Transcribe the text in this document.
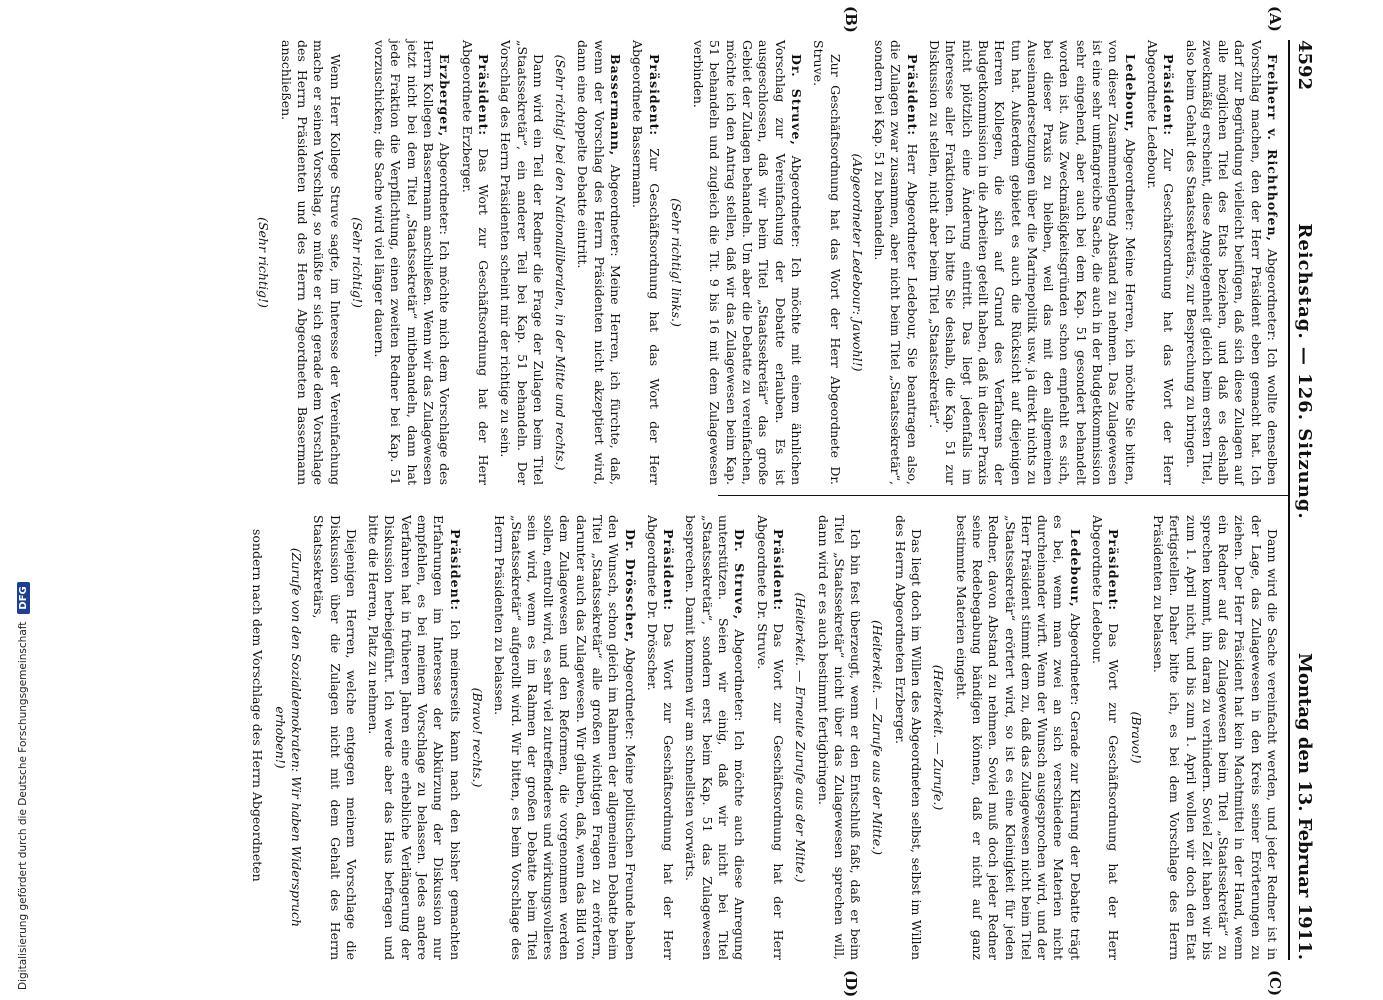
4592
Reichstag. — 126. Sitzung.
Montag den 13. Februar 1911.

Freiherr v. Richthofen, Abgeordneter: Ich wollte denselben Vorschlag machen, den der Herr Präsident eben gemacht hat. Ich darf zur Begründung vielleicht beifügen, daß sich diese Zulagen auf alle möglichen Titel des Etats beziehen, und daß es deshalb zweckmäßig erscheint, diese Angelegenheit gleich beim ersten Titel, also beim Gehalt des Staatssekretärs, zur Besprechung zu bringen.

Präsident: Zur Geschäftsordnung hat das Wort der Herr Abgeordnete Ledebour.

Ledebour, Abgeordneter: Meine Herren, ich möchte Sie bitten, von dieser Zusammenlegung Abstand zu nehmen. Das Zulagewesen ist eine sehr umfangreiche Sache, die auch in der Budgetkommission sehr eingehend, aber auch bei dem Kap. 51 gesondert behandelt worden ist. Aus Zweckmäßigkeitsgründen schon empfiehlt es sich, bei dieser Praxis zu bleiben, weil das mit den allgemeinen Auseinandersetzungen über die Marinepolitik usw. ja direkt nichts zu tun hat. Außerdem gebietet es auch die Rücksicht auf diejenigen Herren Kollegen, die sich auf Grund des Verfahrens der Budgetkommission in die Arbeiten geteilt haben, daß in dieser Praxis nicht plötzlich eine Änderung eintritt. Das liegt jedenfalls im Interesse aller Fraktionen. Ich bitte Sie deshalb, die Kap. 51 zur Diskussion zu stellen, nicht aber beim Titel „Staatssekretär“.

Präsident: Herr Abgeordneter Ledebour, Sie beantragen also, die Zulagen zwar zusammen, aber nicht beim Titel „Staatssekretär“, sondern bei Kap. 51 zu behandeln.

(Abgeordneter Ledebour: Jawohl!)

Zur Geschäftsordnung hat das Wort der Herr Abgeordnete Dr. Struve.

Dr. Struve, Abgeordneter: Ich möchte mit einem ähnlichen Vorschlag zur Vereinfachung der Debatte erlauben. Es ist ausgeschlossen, daß wir beim Titel „Staatssekretär“ das große Gebiet der Zulagen behandeln. Um aber die Debatte zu vereinfachen, möchte ich den Antrag stellen, daß wir das Zulagewesen beim Kap. 51 behandeln und zugleich die Tit. 9 bis 16 mit dem Zulagewesen verbinden.

(Sehr richtig! links.)

Präsident: Zur Geschäftsordnung hat das Wort der Herr Abgeordnete Bassermann.

Bassermann, Abgeordneter: Meine Herren, ich fürchte, daß, wenn der Vorschlag des Herrn Präsidenten nicht akzeptiert wird, dann eine doppelte Debatte eintritt.

(Sehr richtig! bei den Nationalliberalen, in der Mitte und rechts.)

Dann wird ein Teil der Redner die Frage der Zulagen beim Titel „Staatssekretär“, ein anderer Teil bei Kap. 51 behandeln. Der Vorschlag des Herrn Präsidenten scheint mir der richtige zu sein.

Präsident: Das Wort zur Geschäftsordnung hat der Herr Abgeordnete Erzberger.

Erzberger, Abgeordneter: Ich möchte mich dem Vorschlage des Herrn Kollegen Bassermann anschließen. Wenn wir das Zulagewesen jetzt nicht bei dem Titel „Staatssekretär“ mitbehandeln, dann hat jede Fraktion die Verpflichtung, einen zweiten Redner bei Kap. 51 vorzuschicken; die Sache wird viel länger dauern.

(Sehr richtig!)

Wenn Herr Kollege Struve sagte, im Interesse der Vereinfachung mache er seinen Vorschlag, so müßte er sich gerade dem Vorschlage des Herrn Präsidenten und des Herrn Abgeordneten Bassermann anschließen.

(Sehr richtig!)

Dann wird die Sache vereinfacht werden, und jeder Redner ist in der Lage, das Zulagewesen in den Kreis seiner Erörterungen zu ziehen. Der Herr Präsident hat kein Machtmittel in der Hand, wenn ein Redner auf das Zulagewesen beim Titel „Staatssekretär“ zu sprechen kommt, ihn daran zu verhindern. Soviel Zeit haben wir bis zum 1. April nicht, und bis zum 1. April wollen wir doch den Etat fertigstellen. Daher bitte ich, es bei dem Vorschlage des Herrn Präsidenten zu belassen.

(Bravo!)

Präsident: Das Wort zur Geschäftsordnung hat der Herr Abgeordnete Ledebour.

Ledebour, Abgeordneter: Gerade zur Klärung der Debatte trägt es bei, wenn man zwei an sich verschiedene Materien nicht durcheinander wirft. Wenn der Wunsch ausgesprochen wird, und der Herr Präsident stimmt dem zu, daß das Zulagewesen nicht beim Titel „Staatssekretär“ erörtert wird, so ist es eine Kleinigkeit für jeden Redner, davon Abstand zu nehmen. Soviel muß doch jeder Redner seine Redebegabung bändigen können, daß er nicht auf ganz bestimmte Materien eingeht.

(Heiterkeit. — Zurufe.)

Das liegt doch im Willen des Abgeordneten selbst, selbst im Willen des Herrn Abgeordneten Erzberger.

(Heiterkeit. — Zurufe aus der Mitte.)

Ich bin fest überzeugt, wenn er den Entschluß faßt, daß er beim Titel „Staatssekretär“ nicht über das Zulagewesen sprechen will, dann wird er es auch bestimmt fertigbringen.

(Heiterkeit. — Erneute Zurufe aus der Mitte.)

Präsident: Das Wort zur Geschäftsordnung hat der Herr Abgeordnete Dr. Struve.

Dr. Struve, Abgeordneter: Ich möchte auch diese Anregung unterstützen. Seien wir einig, daß wir nicht bei Titel „Staatssekretär“, sondern erst beim Kap. 51 das Zulagewesen besprechen. Damit kommen wir am schnellsten vorwärts.

Präsident: Das Wort zur Geschäftsordnung hat der Herr Abgeordnete Dr. Drösscher.

Dr. Drösscher, Abgeordneter: Meine politischen Freunde haben den Wunsch, schon gleich im Rahmen der allgemeinen Debatte beim Titel „Staatssekretär“ alle großen wichtigen Fragen zu erörtern, darunter auch das Zulagewesen. Wir glauben, daß, wenn das Bild von dem Zulagewesen und den Reformen, die vorgenommen werden sollen, entrollt wird, es sehr viel zutreffenderes und wirkungsvolleres sein wird, wenn es im Rahmen der großen Debatte beim Titel „Staatssekretär“ aufgerollt wird. Wir bitten, es beim Vorschlage des Herrn Präsidenten zu belassen.

(Bravo! rechts.)

Präsident: Ich meinerseits kann nach den bisher gemachten Erfahrungen im Interesse der Abkürzung der Diskussion nur empfehlen, es bei meinem Vorschlage zu belassen. Jedes andere Verfahren hat in früheren Jahren eine erhebliche Verlängerung der Diskussion herbeigeführt. Ich werde aber das Haus befragen und bitte die Herren, Platz zu nehmen.

Diejenigen Herren, welche entgegen meinem Vorschlage die Diskussion über die Zulagen nicht mit dem Gehalt des Herrn Staatssekretärs,

(Zurufe von den Sozialdemokraten: Wir haben Widerspruch erhoben!)

sondern nach dem Vorschlage des Herrn Abgeordneten

(A)
(B)
(C)
(D)
Digitalisierung gefördert durch die Deutsche Forschungsgemeinschaft
DFG
